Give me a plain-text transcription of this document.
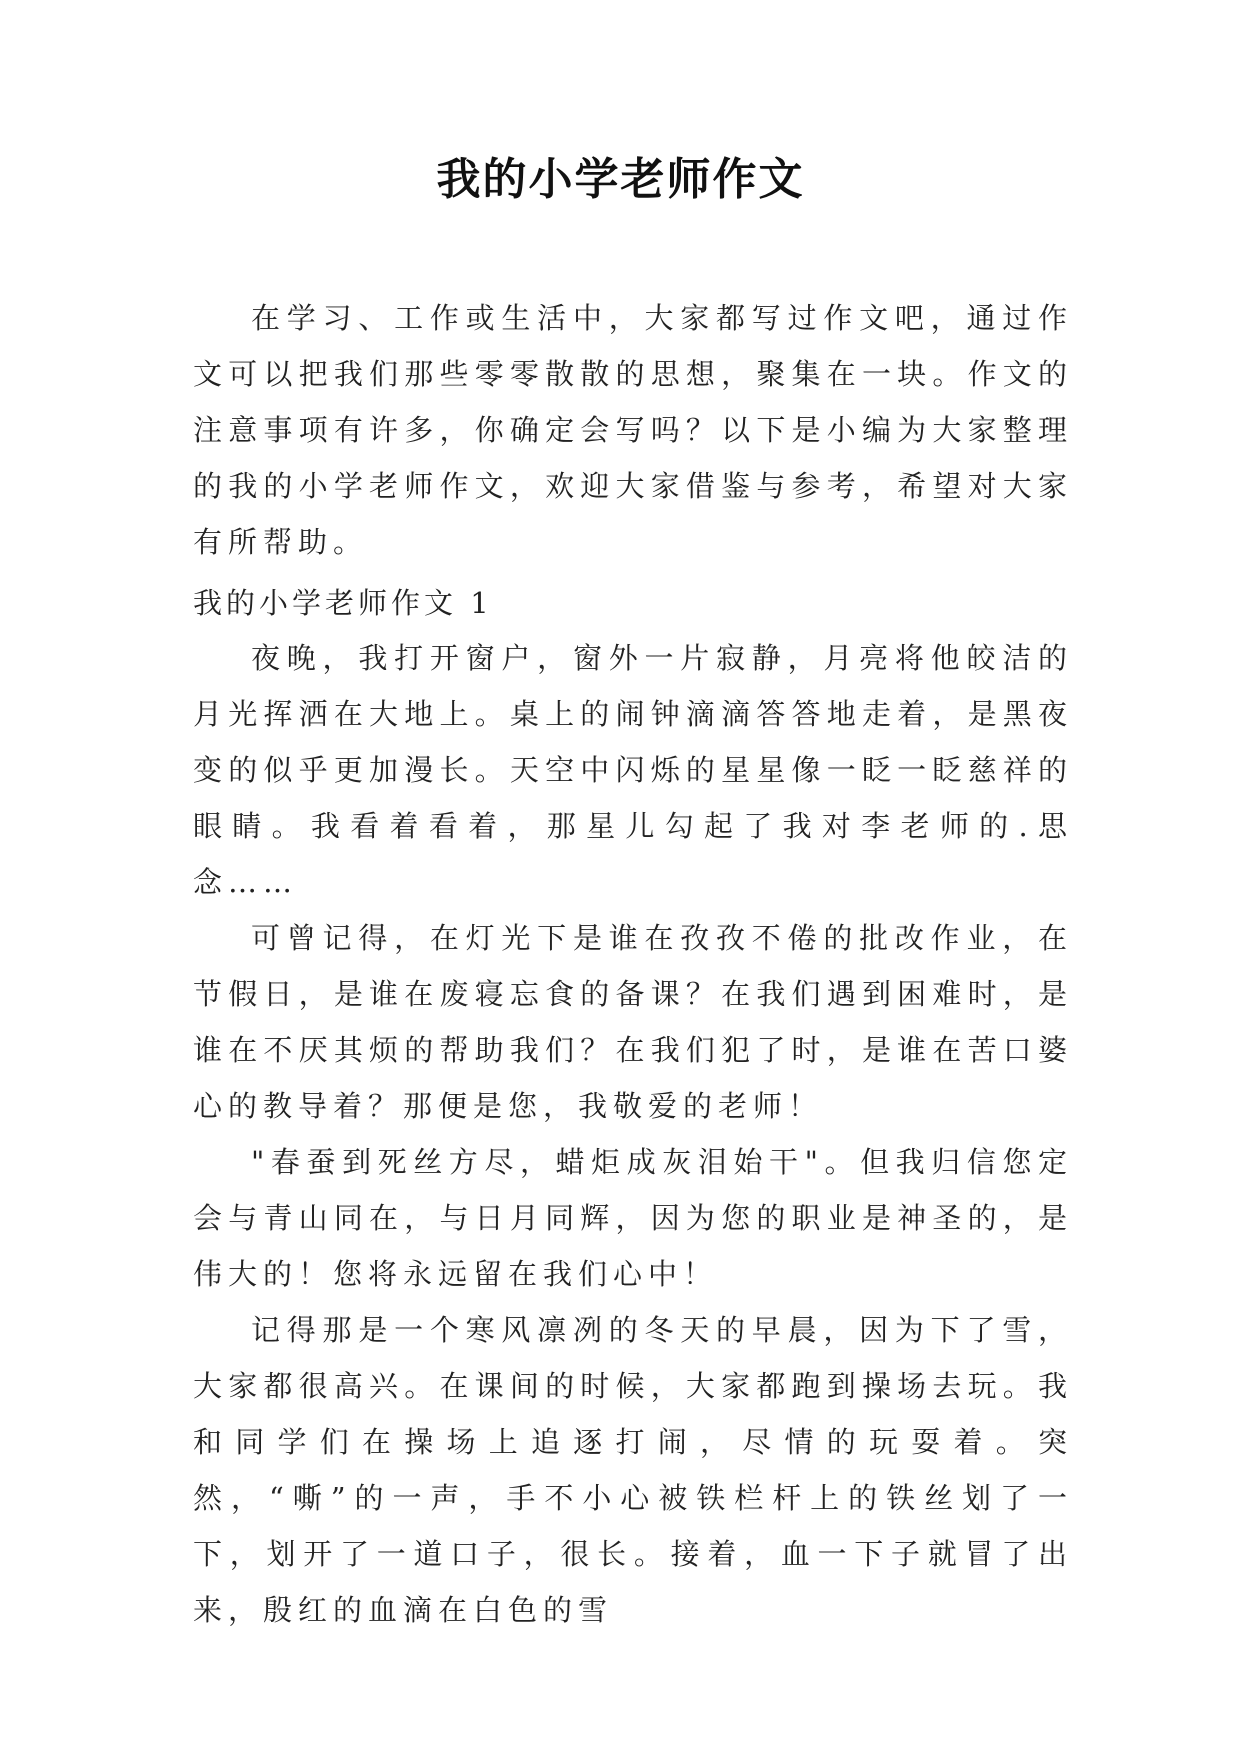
我的小学老师作文

在学习、工作或生活中，大家都写过作文吧，通过作文可以把我们那些零零散散的思想，聚集在一块。作文的注意事项有许多，你确定会写吗？以下是小编为大家整理的我的小学老师作文，欢迎大家借鉴与参考，希望对大家有所帮助。

我的小学老师作文 1

夜晚，我打开窗户，窗外一片寂静，月亮将他皎洁的月光挥洒在大地上。桌上的闹钟滴滴答答地走着，是黑夜变的似乎更加漫长。天空中闪烁的星星像一眨一眨慈祥的眼睛。我看着看着，那星儿勾起了我对李老师的.思念……

可曾记得，在灯光下是谁在孜孜不倦的批改作业，在节假日，是谁在废寝忘食的备课？在我们遇到困难时，是谁在不厌其烦的帮助我们？在我们犯了时，是谁在苦口婆心的教导着？那便是您，我敬爱的老师！

"春蚕到死丝方尽，蜡炬成灰泪始干"。但我归信您定会与青山同在，与日月同辉，因为您的职业是神圣的，是伟大的！您将永远留在我们心中！

记得那是一个寒风凛冽的冬天的早晨，因为下了雪，大家都很高兴。在课间的时候，大家都跑到操场去玩。我和同学们在操场上追逐打闹，尽情的玩耍着。突然，“嘶”的一声，手不小心被铁栏杆上的铁丝划了一下，划开了一道口子，很长。接着，血一下子就冒了出来，殷红的血滴在白色的雪
